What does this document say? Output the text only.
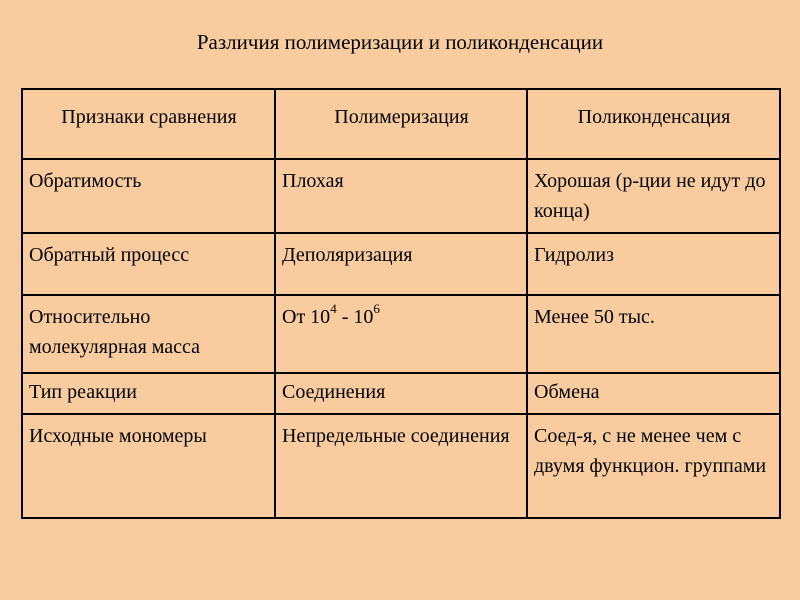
Различия полимеризации и поликонденсации
Признаки сравнения	Полимеризация	Поликонденсация
Обратимость	Плохая	Хорошая (р-ции не идут до конца)
Обратный процесс	Деполяризация	Гидролиз
Относительно молекулярная масса	От $10^4 - 10^6$	Менее 50 тыс.
Тип реакции	Соединения	Обмена
Исходные мономеры	Непредельные соединения	Соед-я, с не менее чем с двумя функцион. группами
